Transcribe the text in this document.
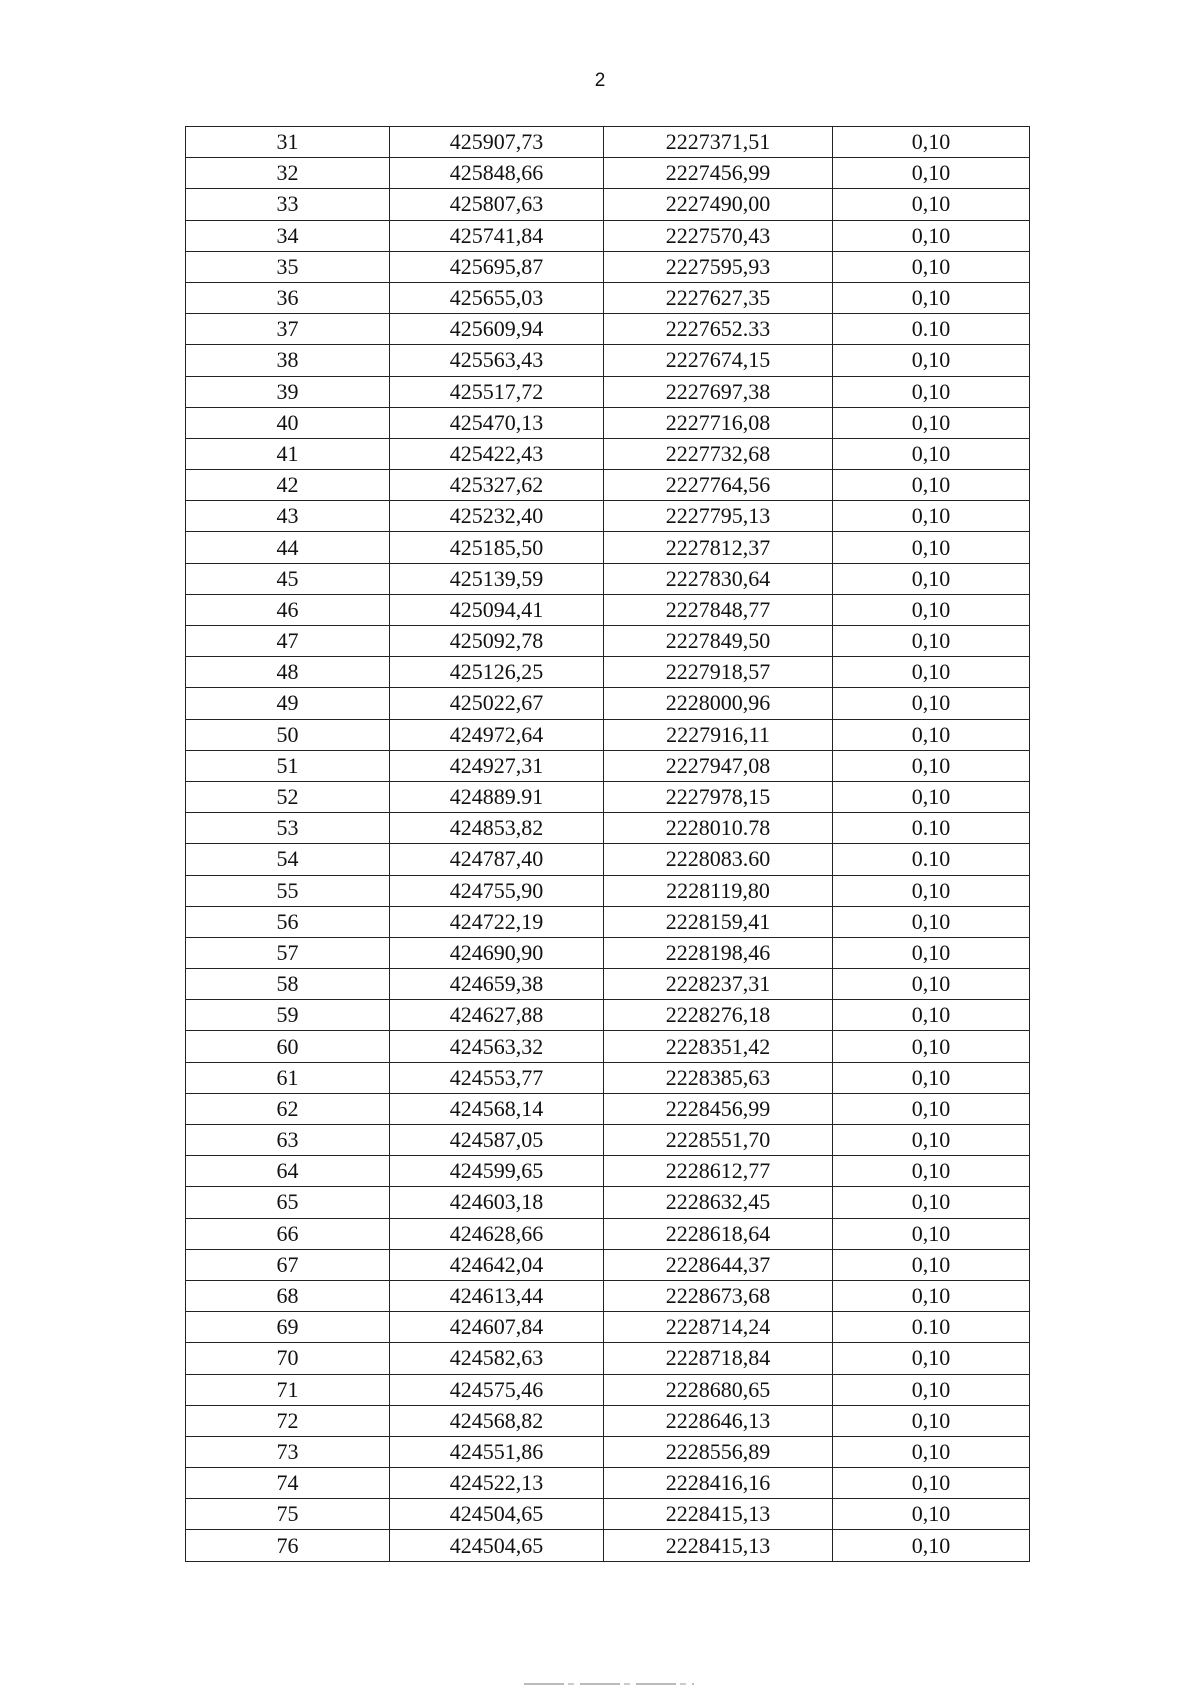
2
31	425907,73	2227371,51	0,10
32	425848,66	2227456,99	0,10
33	425807,63	2227490,00	0,10
34	425741,84	2227570,43	0,10
35	425695,87	2227595,93	0,10
36	425655,03	2227627,35	0,10
37	425609,94	2227652.33	0.10
38	425563,43	2227674,15	0,10
39	425517,72	2227697,38	0,10
40	425470,13	2227716,08	0,10
41	425422,43	2227732,68	0,10
42	425327,62	2227764,56	0,10
43	425232,40	2227795,13	0,10
44	425185,50	2227812,37	0,10
45	425139,59	2227830,64	0,10
46	425094,41	2227848,77	0,10
47	425092,78	2227849,50	0,10
48	425126,25	2227918,57	0,10
49	425022,67	2228000,96	0,10
50	424972,64	2227916,11	0,10
51	424927,31	2227947,08	0,10
52	424889.91	2227978,15	0,10
53	424853,82	2228010.78	0.10
54	424787,40	2228083.60	0.10
55	424755,90	2228119,80	0,10
56	424722,19	2228159,41	0,10
57	424690,90	2228198,46	0,10
58	424659,38	2228237,31	0,10
59	424627,88	2228276,18	0,10
60	424563,32	2228351,42	0,10
61	424553,77	2228385,63	0,10
62	424568,14	2228456,99	0,10
63	424587,05	2228551,70	0,10
64	424599,65	2228612,77	0,10
65	424603,18	2228632,45	0,10
66	424628,66	2228618,64	0,10
67	424642,04	2228644,37	0,10
68	424613,44	2228673,68	0,10
69	424607,84	2228714,24	0.10
70	424582,63	2228718,84	0,10
71	424575,46	2228680,65	0,10
72	424568,82	2228646,13	0,10
73	424551,86	2228556,89	0,10
74	424522,13	2228416,16	0,10
75	424504,65	2228415,13	0,10
76	424504,65	2228415,13	0,10
